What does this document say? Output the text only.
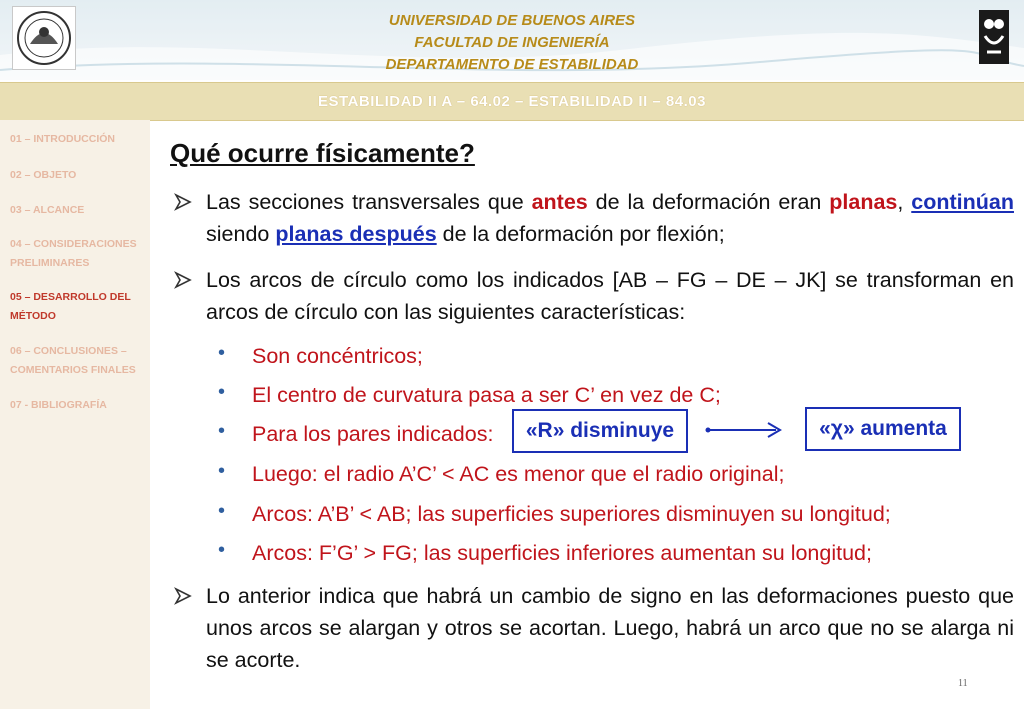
UNIVERSIDAD DE BUENOS AIRES
FACULTAD DE INGENIERÍA
DEPARTAMENTO DE ESTABILIDAD
ESTABILIDAD II A – 64.02 – ESTABILIDAD II – 84.03
01 – INTRODUCCIÓN
02 – OBJETO
03 – ALCANCE
04 – CONSIDERACIONES PRELIMINARES
05 – DESARROLLO DEL MÉTODO
06 – CONCLUSIONES – COMENTARIOS FINALES
07 - BIBLIOGRAFÍA
Qué ocurre físicamente?
Las secciones transversales que antes de la deformación eran planas, continúan siendo planas después de la deformación por flexión;
Los arcos de círculo como los indicados [AB – FG – DE – JK] se transforman en arcos de círculo con las siguientes características:
• Son concéntricos;
• El centro de curvatura pasa a ser C’ en vez de C;
• Para los pares indicados:
• Luego: el radio A’C’ < AC es menor que el radio original;
• Arcos: A’B’ < AB; las superficies superiores disminuyen su longitud;
• Arcos: F’G’ > FG; las superficies inferiores aumentan su longitud;
«R» disminuye	«χ» aumenta
Lo anterior indica que habrá un cambio de signo en las deformaciones puesto que unos arcos se alargan y otros se acortan. Luego, habrá un arco que no se alarga ni se acorte.
11
